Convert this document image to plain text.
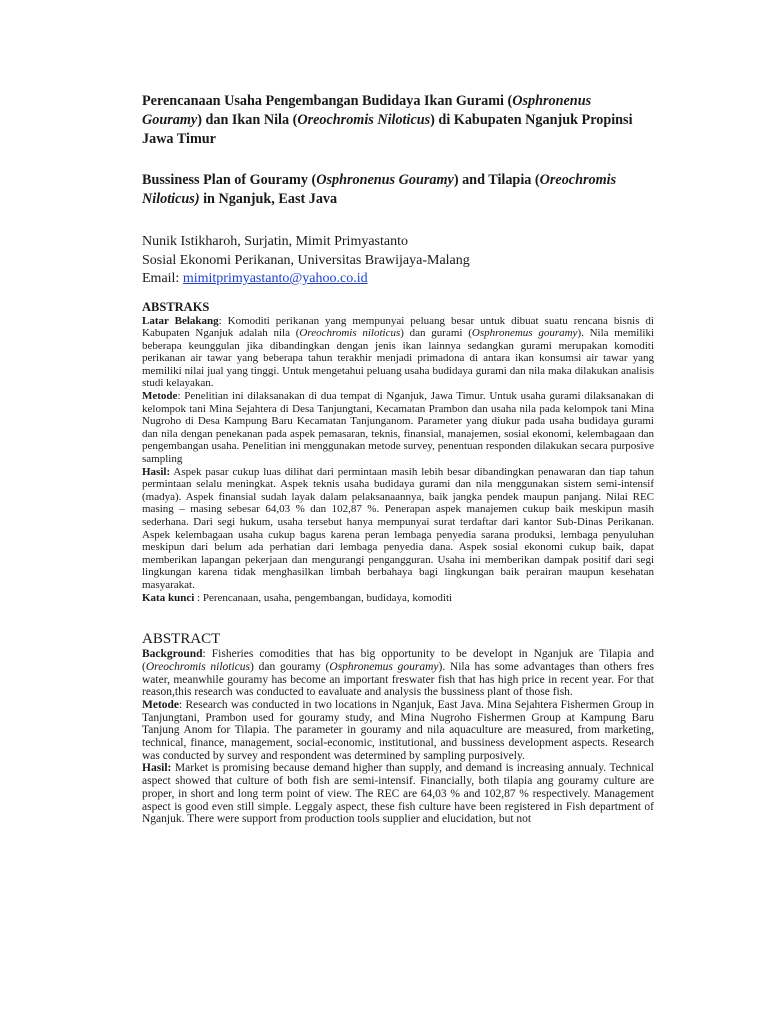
Perencanaan Usaha Pengembangan Budidaya Ikan Gurami (Osphronenus Gouramy) dan Ikan Nila (Oreochromis Niloticus) di Kabupaten Nganjuk Propinsi Jawa Timur
Bussiness Plan of Gouramy (Osphronenus Gouramy) and Tilapia (Oreochromis Niloticus) in Nganjuk, East Java
Nunik Istikharoh, Surjatin, Mimit Primyastanto
Sosial Ekonomi Perikanan, Universitas Brawijaya-Malang
Email: mimitprimyastanto@yahoo.co.id
ABSTRAKS

Latar Belakang: Komoditi perikanan yang mempunyai peluang besar untuk dibuat suatu rencana bisnis di Kabupaten Nganjuk adalah nila (Oreochromis niloticus) dan gurami (Osphronemus gouramy). Nila memiliki beberapa keunggulan jika dibandingkan dengan jenis ikan lainnya sedangkan gurami merupakan komoditi perikanan air tawar yang beberapa tahun terakhir menjadi primadona di antara ikan konsumsi air tawar yang memiliki nilai jual yang tinggi. Untuk mengetahui peluang usaha budidaya gurami dan nila maka dilakukan analisis studi kelayakan.

Metode: Penelitian ini dilaksanakan di dua tempat di Nganjuk, Jawa Timur. Untuk usaha gurami dilaksanakan di kelompok tani Mina Sejahtera di Desa Tanjungtani, Kecamatan Prambon dan usaha nila pada kelompok tani Mina Nugroho di Desa Kampung Baru Kecamatan Tanjunganom. Parameter yang diukur pada usaha budidaya gurami dan nila dengan penekanan pada aspek pemasaran, teknis, finansial, manajemen, sosial ekonomi, kelembagaan dan pengembangan usaha. Penelitian ini menggunakan metode survey, penentuan responden dilakukan secara purposive sampling

Hasil: Aspek pasar cukup luas dilihat dari permintaan masih lebih besar dibandingkan penawaran dan tiap tahun permintaan selalu meningkat. Aspek teknis usaha budidaya gurami dan nila menggunakan sistem semi-intensif (madya). Aspek finansial sudah layak dalam pelaksanaannya, baik jangka pendek maupun panjang. Nilai REC masing – masing sebesar 64,03 % dan 102,87 %. Penerapan aspek manajemen cukup baik meskipun masih sederhana. Dari segi hukum, usaha tersebut hanya mempunyai surat terdaftar dari kantor Sub-Dinas Perikanan. Aspek kelembagaan usaha cukup bagus karena peran lembaga penyedia sarana produksi, lembaga penyuluhan meskipun dari belum ada perhatian dari lembaga penyedia dana. Aspek sosial ekonomi cukup baik, dapat memberikan lapangan pekerjaan dan mengurangi pengangguran. Usaha ini memberikan dampak positif dari segi lingkungan karena tidak menghasilkan limbah berbahaya bagi lingkungan baik perairan maupun kesehatan masyarakat.

Kata kunci : Perencanaan, usaha, pengembangan, budidaya, komoditi

ABSTRACT

Background: Fisheries comodities that has big opportunity to be developt in Nganjuk are Tilapia and (Oreochromis niloticus) dan gouramy (Osphronemus gouramy). Nila has some advantages than others fres water, meanwhile gouramy has become an important freswater fish that has high price in recent year. For that reason,this research was conducted to eavaluate and analysis the bussiness plant of those fish.

Metode: Research was conducted in two locations in Nganjuk, East Java. Mina Sejahtera Fishermen Group in Tanjungtani, Prambon used for gouramy study, and Mina Nugroho Fishermen Group at Kampung Baru Tanjung Anom for Tilapia. The parameter in gouramy and nila aquaculture are measured, from marketing, technical, finance, management, social-economic, institutional, and bussiness development aspects. Research was conducted by survey and respondent was determined by sampling purposively.

Hasil: Market is promising because demand higher than supply, and demand is increasing annualy. Technical aspect showed that culture of both fish are semi-intensif. Financially, both tilapia ang gouramy culture are proper, in short and long term point of view. The REC are 64,03 % and 102,87 % respectively. Management aspect is good even still simple. Leggaly aspect, these fish culture have been registered in Fish department of Nganjuk. There were support from production tools supplier and elucidation, but not
